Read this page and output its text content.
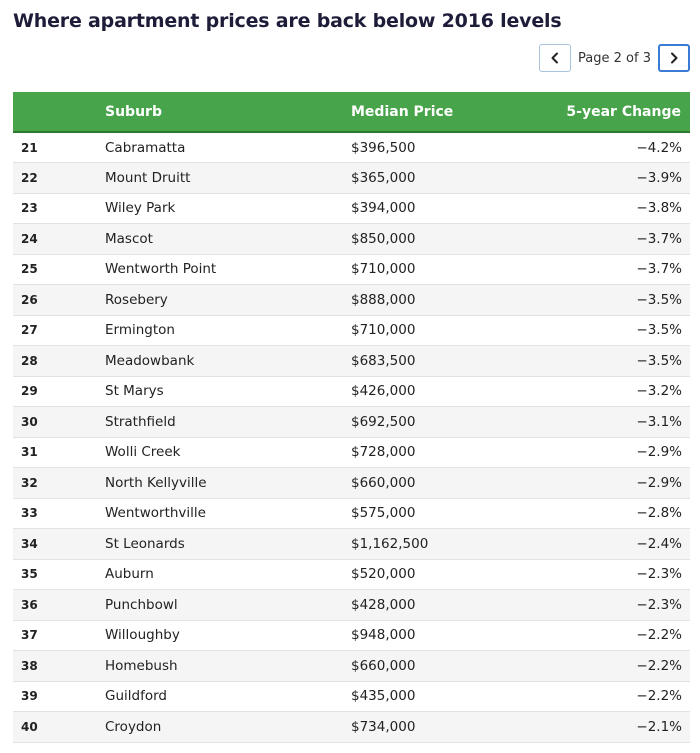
Where apartment prices are back below 2016 levels
Page 2 of 3
	Suburb	Median Price	5-year Change
21	Cabramatta	$396,500	−4.2%
22	Mount Druitt	$365,000	−3.9%
23	Wiley Park	$394,000	−3.8%
24	Mascot	$850,000	−3.7%
25	Wentworth Point	$710,000	−3.7%
26	Rosebery	$888,000	−3.5%
27	Ermington	$710,000	−3.5%
28	Meadowbank	$683,500	−3.5%
29	St Marys	$426,000	−3.2%
30	Strathfield	$692,500	−3.1%
31	Wolli Creek	$728,000	−2.9%
32	North Kellyville	$660,000	−2.9%
33	Wentworthville	$575,000	−2.8%
34	St Leonards	$1,162,500	−2.4%
35	Auburn	$520,000	−2.3%
36	Punchbowl	$428,000	−2.3%
37	Willoughby	$948,000	−2.2%
38	Homebush	$660,000	−2.2%
39	Guildford	$435,000	−2.2%
40	Croydon	$734,000	−2.1%
